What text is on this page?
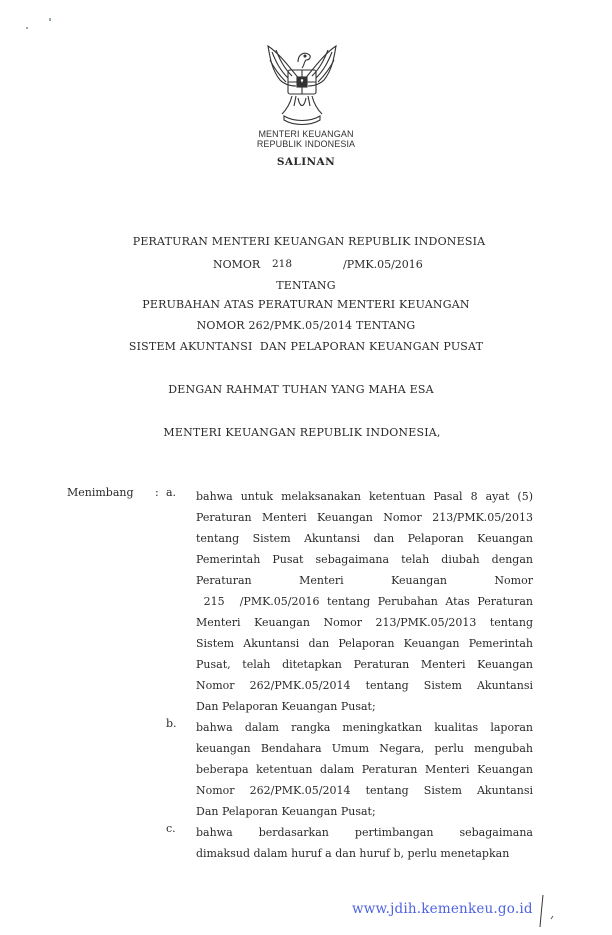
MENTERI KEUANGAN
REPUBLIK INDONESIA
SALINAN
PERATURAN MENTERI KEUANGAN REPUBLIK INDONESIA
NOMOR 218	/PMK.05/2016
TENTANG
PERUBAHAN ATAS PERATURAN MENTERI KEUANGAN
NOMOR 262/PMK.05/2014 TENTANG
SISTEM AKUNTANSI  DAN PELAPORAN KEUANGAN PUSAT
DENGAN RAHMAT TUHAN YANG MAHA ESA
MENTERI KEUANGAN REPUBLIK INDONESIA,
Menimbang : a. bahwa untuk melaksanakan ketentuan Pasal 8 ayat (5)
Peraturan Menteri Keuangan Nomor 213/PMK.05/2013
tentang Sistem Akuntansi dan Pelaporan Keuangan
Pemerintah Pusat sebagaimana telah diubah dengan
Peraturan Menteri Keuangan Nomor
215  /PMK.05/2016 tentang Perubahan Atas Peraturan
Menteri Keuangan Nomor 213/PMK.05/2013 tentang
Sistem Akuntansi dan Pelaporan Keuangan Pemerintah
Pusat, telah ditetapkan Peraturan Menteri Keuangan
Nomor 262/PMK.05/2014 tentang Sistem Akuntansi
Dan Pelaporan Keuangan Pusat;
b. bahwa dalam rangka meningkatkan kualitas laporan
keuangan Bendahara Umum Negara, perlu mengubah
beberapa ketentuan dalam Peraturan Menteri Keuangan
Nomor 262/PMK.05/2014 tentang Sistem Akuntansi
Dan Pelaporan Keuangan Pusat;
c. bahwa berdasarkan pertimbangan sebagaimana
dimaksud dalam huruf a dan huruf b, perlu menetapkan
www.jdih.kemenkeu.go.id
